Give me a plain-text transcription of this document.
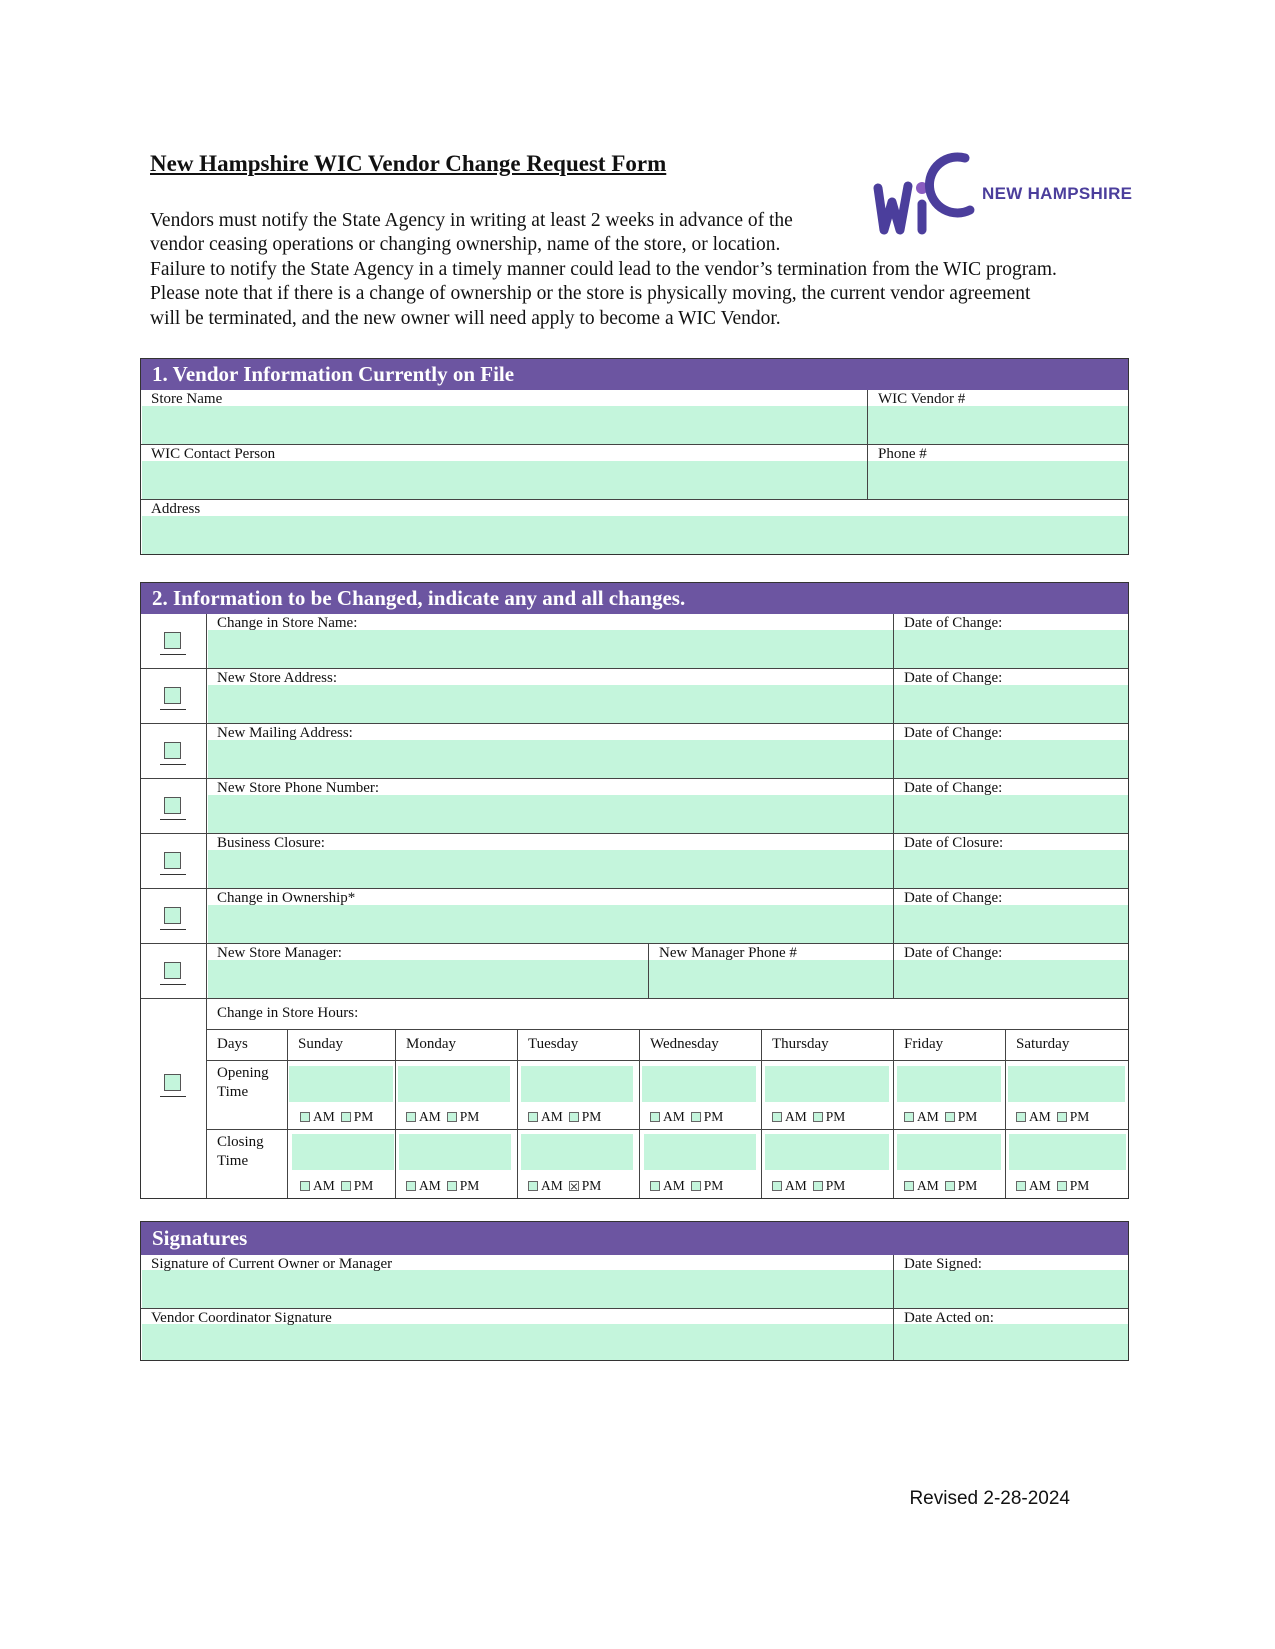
New Hampshire WIC Vendor Change Request Form
Vendors must notify the State Agency in writing at least 2 weeks in advance of the
vendor ceasing operations or changing ownership, name of the store, or location.
Failure to notify the State Agency in a timely manner could lead to the vendor’s termination from the WIC program.
Please note that if there is a change of ownership or the store is physically moving, the current vendor agreement
will be terminated, and the new owner will need apply to become a WIC Vendor.
NEW HAMPSHIRE
1. Vendor Information Currently on File
Store Name	WIC Vendor #
WIC Contact Person	Phone #
Address
2. Information to be Changed, indicate any and all changes.
Change in Store Name:	Date of Change:
New Store Address:	Date of Change:
New Mailing Address:	Date of Change:
New Store Phone Number:	Date of Change:
Business Closure:	Date of Closure:
Change in Ownership*	Date of Change:
New Store Manager:	New Manager Phone #	Date of Change:
Change in Store Hours:
Days	Sunday	Monday	Tuesday	Wednesday	Thursday	Friday	Saturday
Opening
Time
AM PM	AM PM	AM PM	AM PM	AM PM	AM PM	AM PM
Closing
Time
AM PM	AM PM	AM PM	AM PM	AM PM	AM PM	AM PM
Signatures
Signature of Current Owner or Manager	Date Signed:
Vendor Coordinator Signature	Date Acted on:
Revised 2-28-2024
